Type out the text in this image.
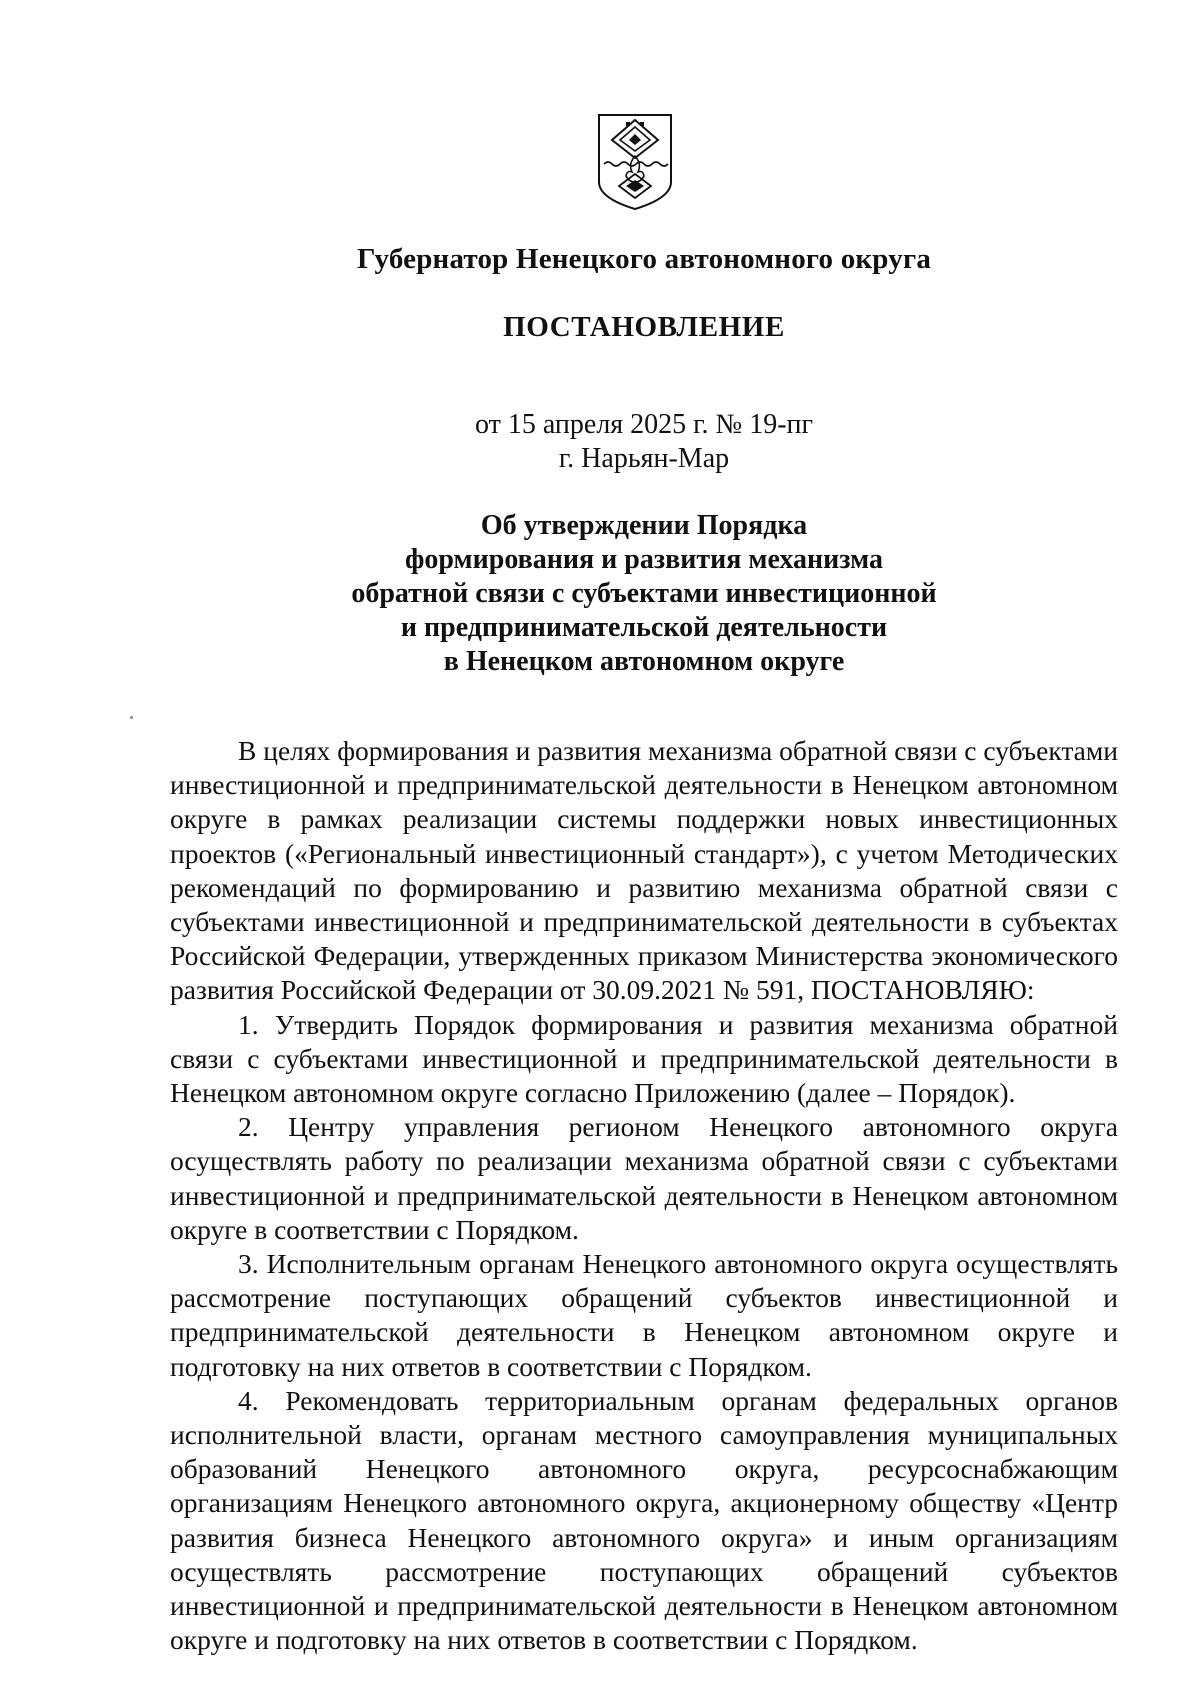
Губернатор Ненецкого автономного округа
ПОСТАНОВЛЕНИЕ
от 15 апреля 2025 г. № 19-пг
г. Нарьян-Мар
Об утверждении Порядка
формирования и развития механизма
обратной связи с субъектами инвестиционной
и предпринимательской деятельности
в Ненецком автономном округе

В целях формирования и развития механизма обратной связи с субъектами инвестиционной и предпринимательской деятельности в Ненецком автономном округе в рамках реализации системы поддержки новых инвестиционных проектов («Региональный инвестиционный стандарт»), с учетом Методических рекомендаций по формированию и развитию механизма обратной связи с субъектами инвестиционной и предпринимательской деятельности в субъектах Российской Федерации, утвержденных приказом Министерства экономического развития Российской Федерации от 30.09.2021 № 591, ПОСТАНОВЛЯЮ:

1. Утвердить Порядок формирования и развития механизма обратной связи с субъектами инвестиционной и предпринимательской деятельности в Ненецком автономном округе согласно Приложению (далее – Порядок).

2. Центру управления регионом Ненецкого автономного округа осуществлять работу по реализации механизма обратной связи с субъектами инвестиционной и предпринимательской деятельности в Ненецком автономном округе в соответствии с Порядком.

3. Исполнительным органам Ненецкого автономного округа осуществлять рассмотрение поступающих обращений субъектов инвестиционной и предпринимательской деятельности в Ненецком автономном округе и подготовку на них ответов в соответствии с Порядком.

4. Рекомендовать территориальным органам федеральных органов исполнительной власти, органам местного самоуправления муниципальных образований Ненецкого автономного округа, ресурсоснабжающим организациям Ненецкого автономного округа, акционерному обществу «Центр развития бизнеса Ненецкого автономного округа» и иным организациям осуществлять рассмотрение поступающих обращений субъектов инвестиционной и предпринимательской деятельности в Ненецком автономном округе и подготовку на них ответов в соответствии с Порядком.
